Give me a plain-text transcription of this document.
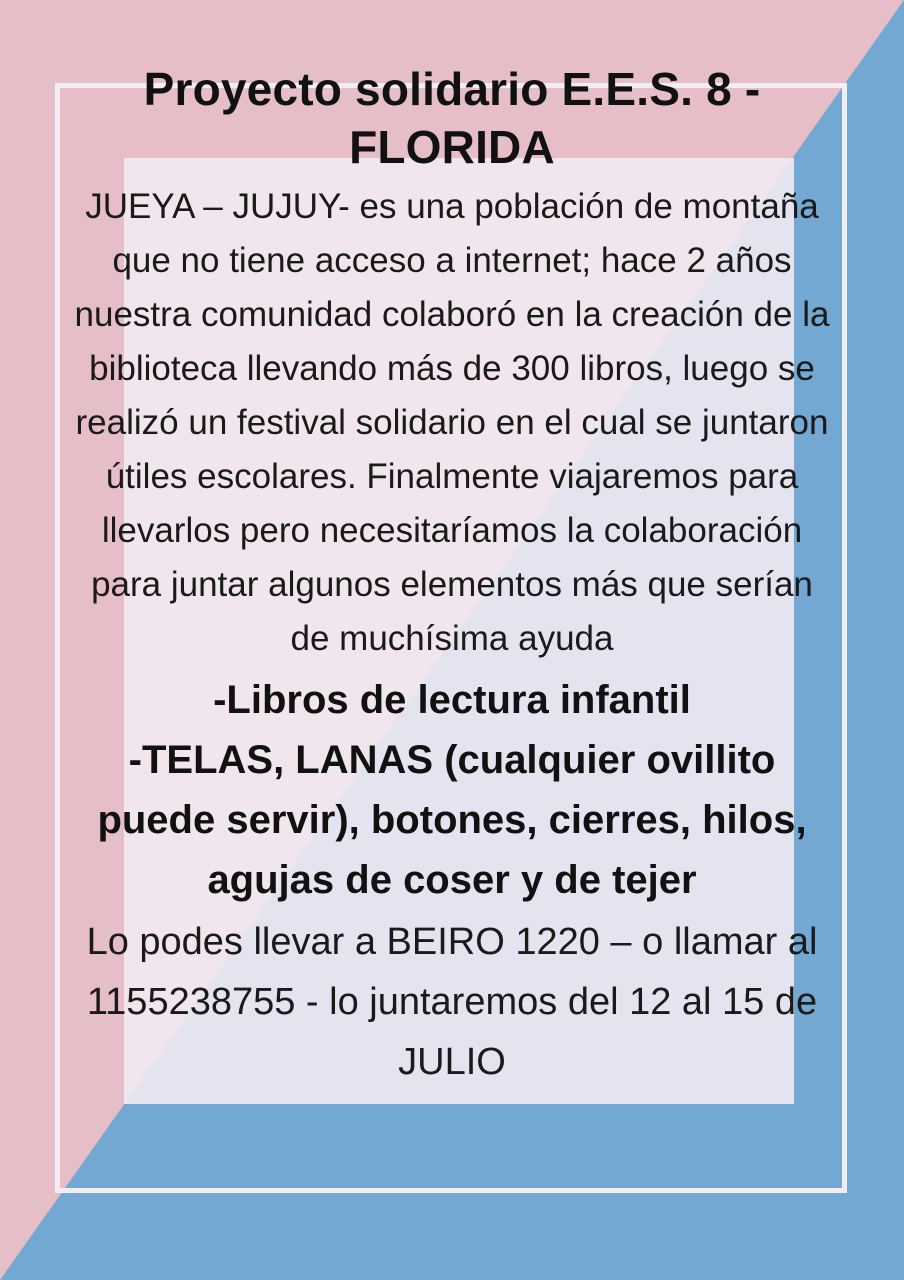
Proyecto solidario E.E.S. 8 - FLORIDA

JUEYA – JUJUY- es una población de montaña que no tiene acceso a internet; hace 2 años nuestra comunidad colaboró en la creación de la biblioteca llevando más de 300 libros, luego se realizó un festival solidario en el cual se juntaron útiles escolares. Finalmente viajaremos para llevarlos pero necesitaríamos la colaboración para juntar algunos elementos más que serían de muchísima ayuda

-Libros de lectura infantil

-TELAS, LANAS (cualquier ovillito puede servir), botones, cierres, hilos, agujas de coser y de tejer

Lo podes llevar a BEIRO 1220 – o llamar al 1155238755 - lo juntaremos del 12 al 15 de JULIO
